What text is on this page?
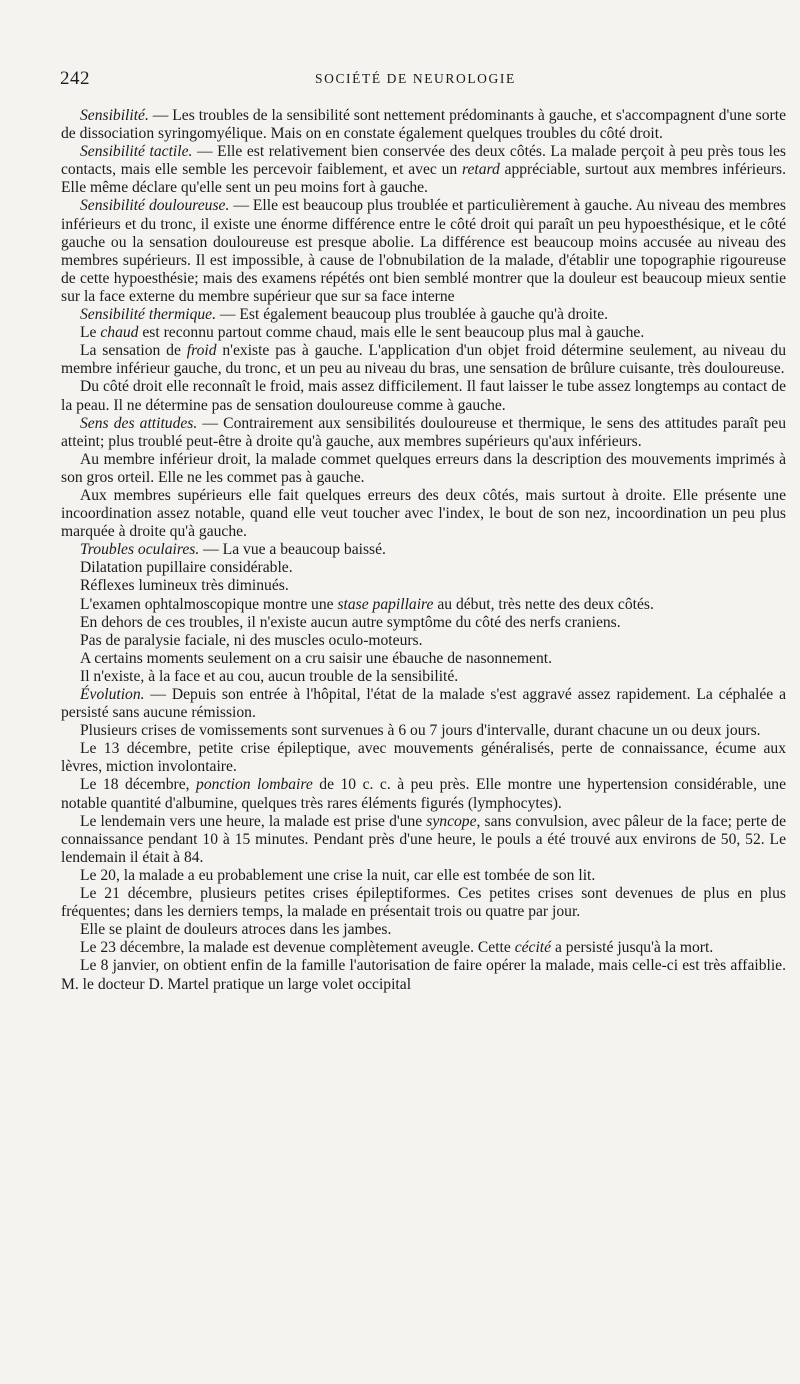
242	SOCIÉTÉ DE NEUROLOGIE

Sensibilité. — Les troubles de la sensibilité sont nettement prédominants à gauche, et s'accompagnent d'une sorte de dissociation syringomyélique. Mais on en constate également quelques troubles du côté droit.

Sensibilité tactile. — Elle est relativement bien conservée des deux côtés. La malade perçoit à peu près tous les contacts, mais elle semble les percevoir faiblement, et avec un retard appréciable, surtout aux membres inférieurs. Elle même déclare qu'elle sent un peu moins fort à gauche.

Sensibilité douloureuse. — Elle est beaucoup plus troublée et particulièrement à gauche. Au niveau des membres inférieurs et du tronc, il existe une énorme différence entre le côté droit qui paraît un peu hypoesthésique, et le côté gauche ou la sensation douloureuse est presque abolie. La différence est beaucoup moins accusée au niveau des membres supérieurs. Il est impossible, à cause de l'obnubilation de la malade, d'établir une topographie rigoureuse de cette hypoesthésie; mais des examens répétés ont bien semblé montrer que la douleur est beaucoup mieux sentie sur la face externe du membre supérieur que sur sa face interne

Sensibilité thermique. — Est également beaucoup plus troublée à gauche qu'à droite.

Le chaud est reconnu partout comme chaud, mais elle le sent beaucoup plus mal à gauche.

La sensation de froid n'existe pas à gauche. L'application d'un objet froid détermine seulement, au niveau du membre inférieur gauche, du tronc, et un peu au niveau du bras, une sensation de brûlure cuisante, très douloureuse.

Du côté droit elle reconnaît le froid, mais assez difficilement. Il faut laisser le tube assez longtemps au contact de la peau. Il ne détermine pas de sensation douloureuse comme à gauche.

Sens des attitudes. — Contrairement aux sensibilités douloureuse et thermique, le sens des attitudes paraît peu atteint; plus troublé peut-être à droite qu'à gauche, aux membres supérieurs qu'aux inférieurs.

Au membre inférieur droit, la malade commet quelques erreurs dans la description des mouvements imprimés à son gros orteil. Elle ne les commet pas à gauche.

Aux membres supérieurs elle fait quelques erreurs des deux côtés, mais surtout à droite. Elle présente une incoordination assez notable, quand elle veut toucher avec l'index, le bout de son nez, incoordination un peu plus marquée à droite qu'à gauche.

Troubles oculaires. — La vue a beaucoup baissé.

Dilatation pupillaire considérable.

Réflexes lumineux très diminués.

L'examen ophtalmoscopique montre une stase papillaire au début, très nette des deux côtés.

En dehors de ces troubles, il n'existe aucun autre symptôme du côté des nerfs craniens.

Pas de paralysie faciale, ni des muscles oculo-moteurs.

A certains moments seulement on a cru saisir une ébauche de nasonnement.

Il n'existe, à la face et au cou, aucun trouble de la sensibilité.

Évolution. — Depuis son entrée à l'hôpital, l'état de la malade s'est aggravé assez rapidement. La céphalée a persisté sans aucune rémission.

Plusieurs crises de vomissements sont survenues à 6 ou 7 jours d'intervalle, durant chacune un ou deux jours.

Le 13 décembre, petite crise épileptique, avec mouvements généralisés, perte de connaissance, écume aux lèvres, miction involontaire.

Le 18 décembre, ponction lombaire de 10 c. c. à peu près. Elle montre une hypertension considérable, une notable quantité d'albumine, quelques très rares éléments figurés (lymphocytes).

Le lendemain vers une heure, la malade est prise d'une syncope, sans convulsion, avec pâleur de la face; perte de connaissance pendant 10 à 15 minutes. Pendant près d'une heure, le pouls a été trouvé aux environs de 50, 52. Le lendemain il était à 84.

Le 20, la malade a eu probablement une crise la nuit, car elle est tombée de son lit.

Le 21 décembre, plusieurs petites crises épileptiformes. Ces petites crises sont devenues de plus en plus fréquentes; dans les derniers temps, la malade en présentait trois ou quatre par jour.

Elle se plaint de douleurs atroces dans les jambes.

Le 23 décembre, la malade est devenue complètement aveugle. Cette cécité a persisté jusqu'à la mort.

Le 8 janvier, on obtient enfin de la famille l'autorisation de faire opérer la malade, mais celle-ci est très affaiblie. M. le docteur D. Martel pratique un large volet occipital
